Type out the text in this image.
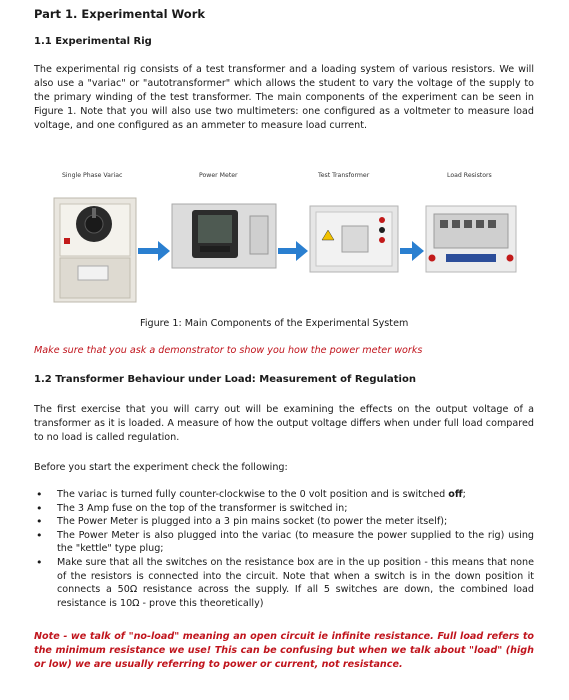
Part 1. Experimental Work
1.1 Experimental Rig
The experimental rig consists of a test transformer and a loading system of various resistors. We will also use a "variac" or "autotransformer" which allows the student to vary the voltage of the supply to the primary winding of the test transformer. The main components of the experiment can be seen in Figure 1. Note that you will also use two multimeters: one configured as a voltmeter to measure load voltage, and one configured as an ammeter to measure load current.
Single Phase Variac	Power Meter	Test Transformer	Load Resistors
Figure 1: Main Components of the Experimental System
Make sure that you ask a demonstrator to show you how the power meter works
1.2 Transformer Behaviour under Load: Measurement of Regulation
The first exercise that you will carry out will be examining the effects on the output voltage of a transformer as it is loaded. A measure of how the output voltage differs when under full load compared to no load is called regulation.
Before you start the experiment check the following:
• The variac is turned fully counter-clockwise to the 0 volt position and is switched off;
• The 3 Amp fuse on the top of the transformer is switched in;
• The Power Meter is plugged into a 3 pin mains socket (to power the meter itself);
• The Power Meter is also plugged into the variac (to measure the power supplied to the rig) using the "kettle" type plug;
• Make sure that all the switches on the resistance box are in the up position - this means that none of the resistors is connected into the circuit. Note that when a switch is in the down position it connects a 50Ω resistance across the supply. If all 5 switches are down, the combined load resistance is 10Ω - prove this theoretically)
Note - we talk of "no-load" meaning an open circuit ie infinite resistance. Full load refers to the minimum resistance we use! This can be confusing but when we talk about "load" (high or low) we are usually referring to power or current, not resistance.
